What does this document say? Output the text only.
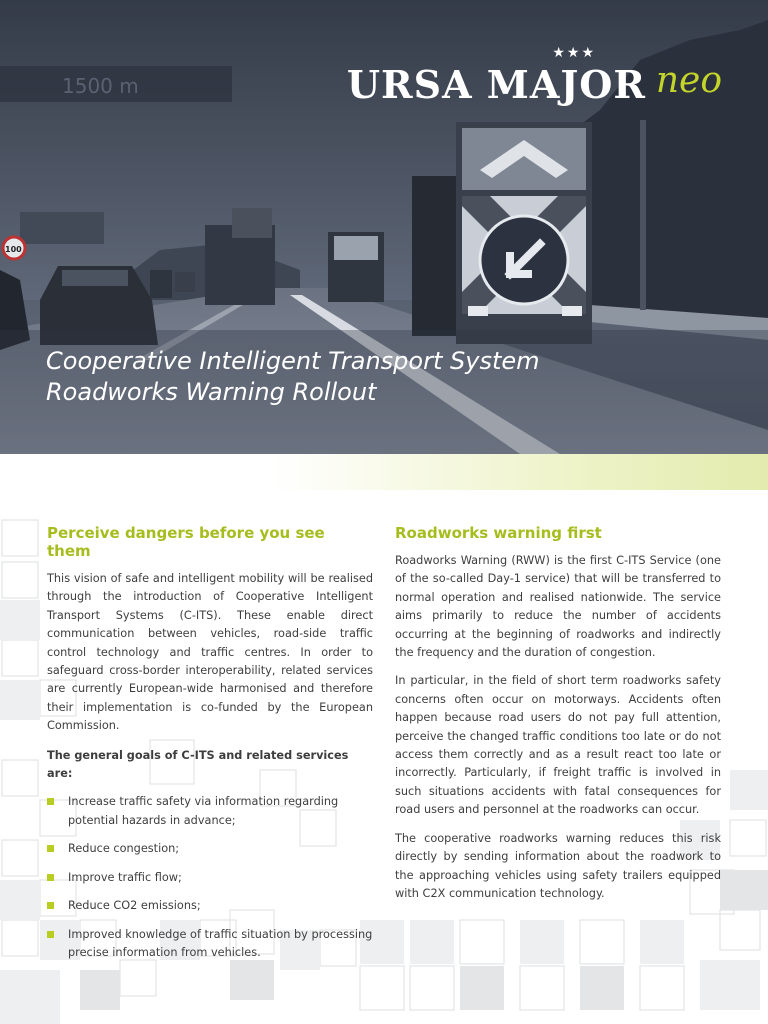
1500 m
100
★★★
URSA MAJOR neo
Cooperative Intelligent Transport System
Roadworks Warning Rollout
Perceive dangers before you see them

This vision of safe and intelligent mobility will be realised through the introduction of Cooperative Intelligent Transport Systems (C-ITS). These enable direct communication between vehicles, road-side traffic control technology and traffic centres. In order to safeguard cross-border interoperability, related services are currently European-wide harmonised and therefore their implementation is co-funded by the European Commission.

The general goals of C-ITS and related services are:

Increase traffic safety via information regarding potential hazards in advance;
Reduce congestion;
Improve traffic flow;
Reduce CO2 emissions;
Improved knowledge of traffic situation by processing precise information from vehicles.
Roadworks warning first

Roadworks Warning (RWW) is the first C-ITS Service (one of the so-called Day-1 service) that will be transferred to normal operation and realised nationwide. The service aims primarily to reduce the number of accidents occurring at the beginning of roadworks and indirectly the frequency and the duration of congestion.

In particular, in the field of short term roadworks safety concerns often occur on motorways. Accidents often happen because road users do not pay full attention, perceive the changed traffic conditions too late or do not access them correctly and as a result react too late or incorrectly. Particularly, if freight traffic is involved in such situations accidents with fatal consequences for road users and personnel at the roadworks can occur.

The cooperative roadworks warning reduces this risk directly by sending information about the roadwork to the approaching vehicles using safety trailers equipped with C2X communication technology.
